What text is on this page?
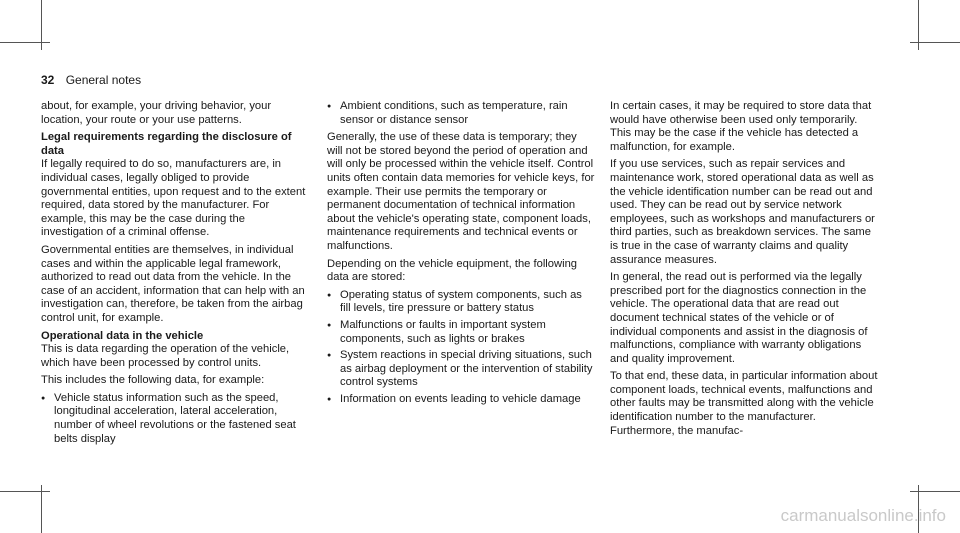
32 General notes

about, for example, your driving behavior, your location, your route or your use patterns.

Legal requirements regarding the disclosure of data

If legally required to do so, manufacturers are, in individual cases, legally obliged to provide governmental entities, upon request and to the extent required, data stored by the manufacturer. For example, this may be the case during the investigation of a criminal offense.

Governmental entities are themselves, in individual cases and within the applicable legal framework, authorized to read out data from the vehicle. In the case of an accident, information that can help with an investigation can, therefore, be taken from the airbag control unit, for example.

Operational data in the vehicle

This is data regarding the operation of the vehicle, which have been processed by control units.

This includes the following data, for example:

● Vehicle status information such as the speed, longitudinal acceleration, lateral acceleration, number of wheel revolutions or the fastened seat belts display
● Ambient conditions, such as temperature, rain sensor or distance sensor

Generally, the use of these data is temporary; they will not be stored beyond the period of operation and will only be processed within the vehicle itself. Control units often contain data memories for vehicle keys, for example. Their use permits the temporary or permanent documentation of technical information about the vehicle's operating state, component loads, maintenance requirements and technical events or malfunctions.

Depending on the vehicle equipment, the following data are stored:

● Operating status of system components, such as fill levels, tire pressure or battery status
● Malfunctions or faults in important system components, such as lights or brakes
● System reactions in special driving situations, such as airbag deployment or the intervention of stability control systems
● Information on events leading to vehicle damage

In certain cases, it may be required to store data that would have otherwise been used only temporarily. This may be the case if the vehicle has detected a malfunction, for example.

If you use services, such as repair services and maintenance work, stored operational data as well as the vehicle identification number can be read out and used. They can be read out by service network employees, such as workshops and manufacturers or third parties, such as breakdown services. The same is true in the case of warranty claims and quality assurance measures.

In general, the read out is performed via the legally prescribed port for the diagnostics connection in the vehicle. The operational data that are read out document technical states of the vehicle or of individual components and assist in the diagnosis of malfunctions, compliance with warranty obligations and quality improvement.

To that end, these data, in particular information about component loads, technical events, malfunctions and other faults may be transmitted along with the vehicle identification number to the manufacturer. Furthermore, the manufac-

carmanualsonline.info
